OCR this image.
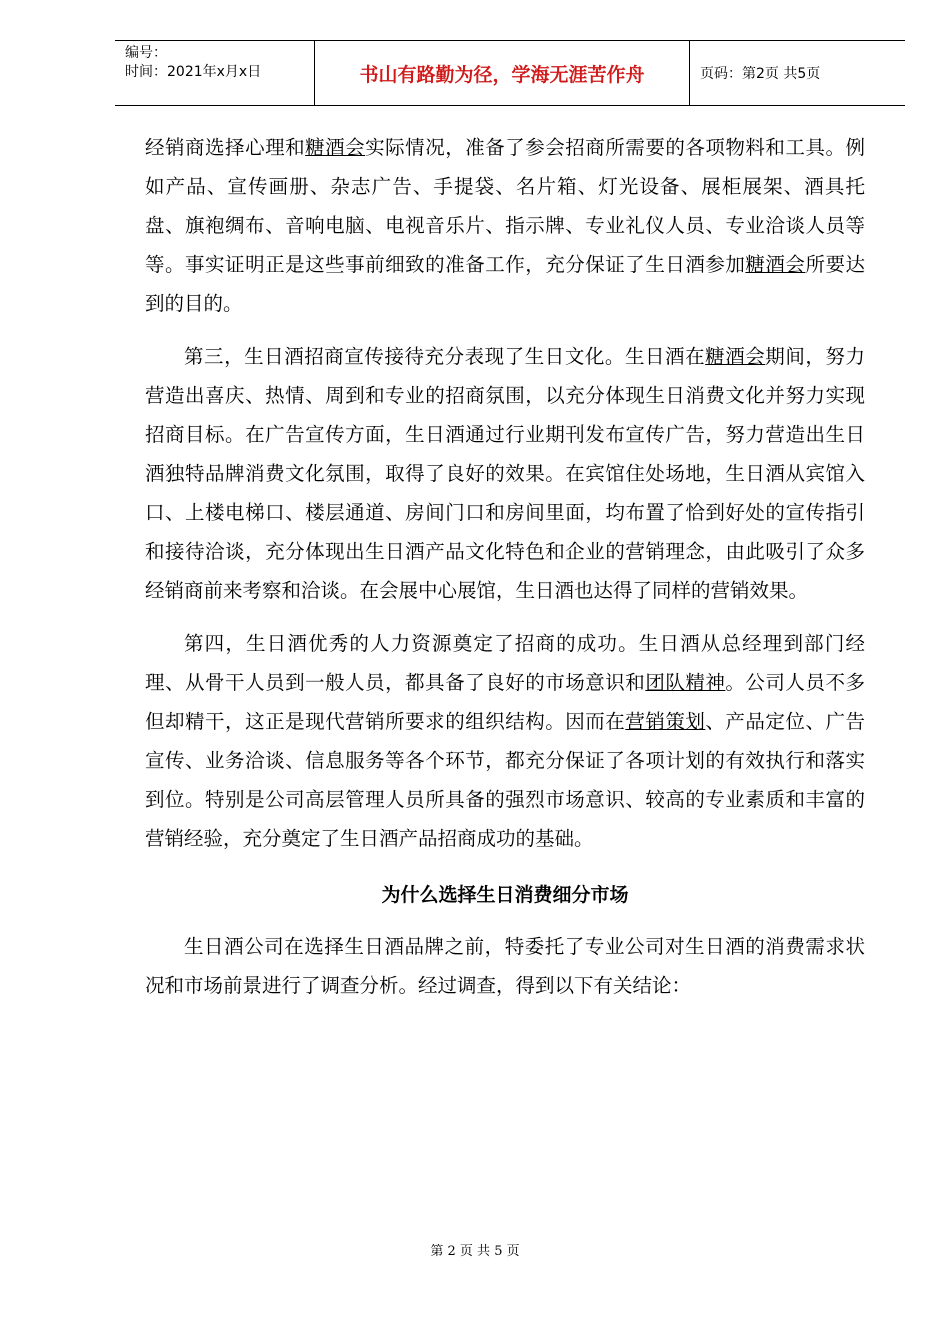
编号：
时间：2021年x月x日	书山有路勤为径，学海无涯苦作舟	页码：第2页 共5页

经销商选择心理和糖酒会实际情况，准备了参会招商所需要的各项物料和工具。例如产品、宣传画册、杂志广告、手提袋、名片箱、灯光设备、展柜展架、酒具托盘、旗袍绸布、音响电脑、电视音乐片、指示牌、专业礼仪人员、专业洽谈人员等等。事实证明正是这些事前细致的准备工作，充分保证了生日酒参加糖酒会所要达到的目的。

第三，生日酒招商宣传接待充分表现了生日文化。生日酒在糖酒会期间，努力营造出喜庆、热情、周到和专业的招商氛围，以充分体现生日消费文化并努力实现招商目标。在广告宣传方面，生日酒通过行业期刊发布宣传广告，努力营造出生日酒独特品牌消费文化氛围，取得了良好的效果。在宾馆住处场地，生日酒从宾馆入口、上楼电梯口、楼层通道、房间门口和房间里面，均布置了恰到好处的宣传指引和接待洽谈，充分体现出生日酒产品文化特色和企业的营销理念，由此吸引了众多经销商前来考察和洽谈。在会展中心展馆，生日酒也达得了同样的营销效果。

第四，生日酒优秀的人力资源奠定了招商的成功。生日酒从总经理到部门经理、从骨干人员到一般人员，都具备了良好的市场意识和团队精神。公司人员不多但却精干，这正是现代营销所要求的组织结构。因而在营销策划、产品定位、广告宣传、业务洽谈、信息服务等各个环节，都充分保证了各项计划的有效执行和落实到位。特别是公司高层管理人员所具备的强烈市场意识、较高的专业素质和丰富的营销经验，充分奠定了生日酒产品招商成功的基础。

为什么选择生日消费细分市场

生日酒公司在选择生日酒品牌之前，特委托了专业公司对生日酒的消费需求状况和市场前景进行了调查分析。经过调查，得到以下有关结论：

第 2 页 共 5 页
